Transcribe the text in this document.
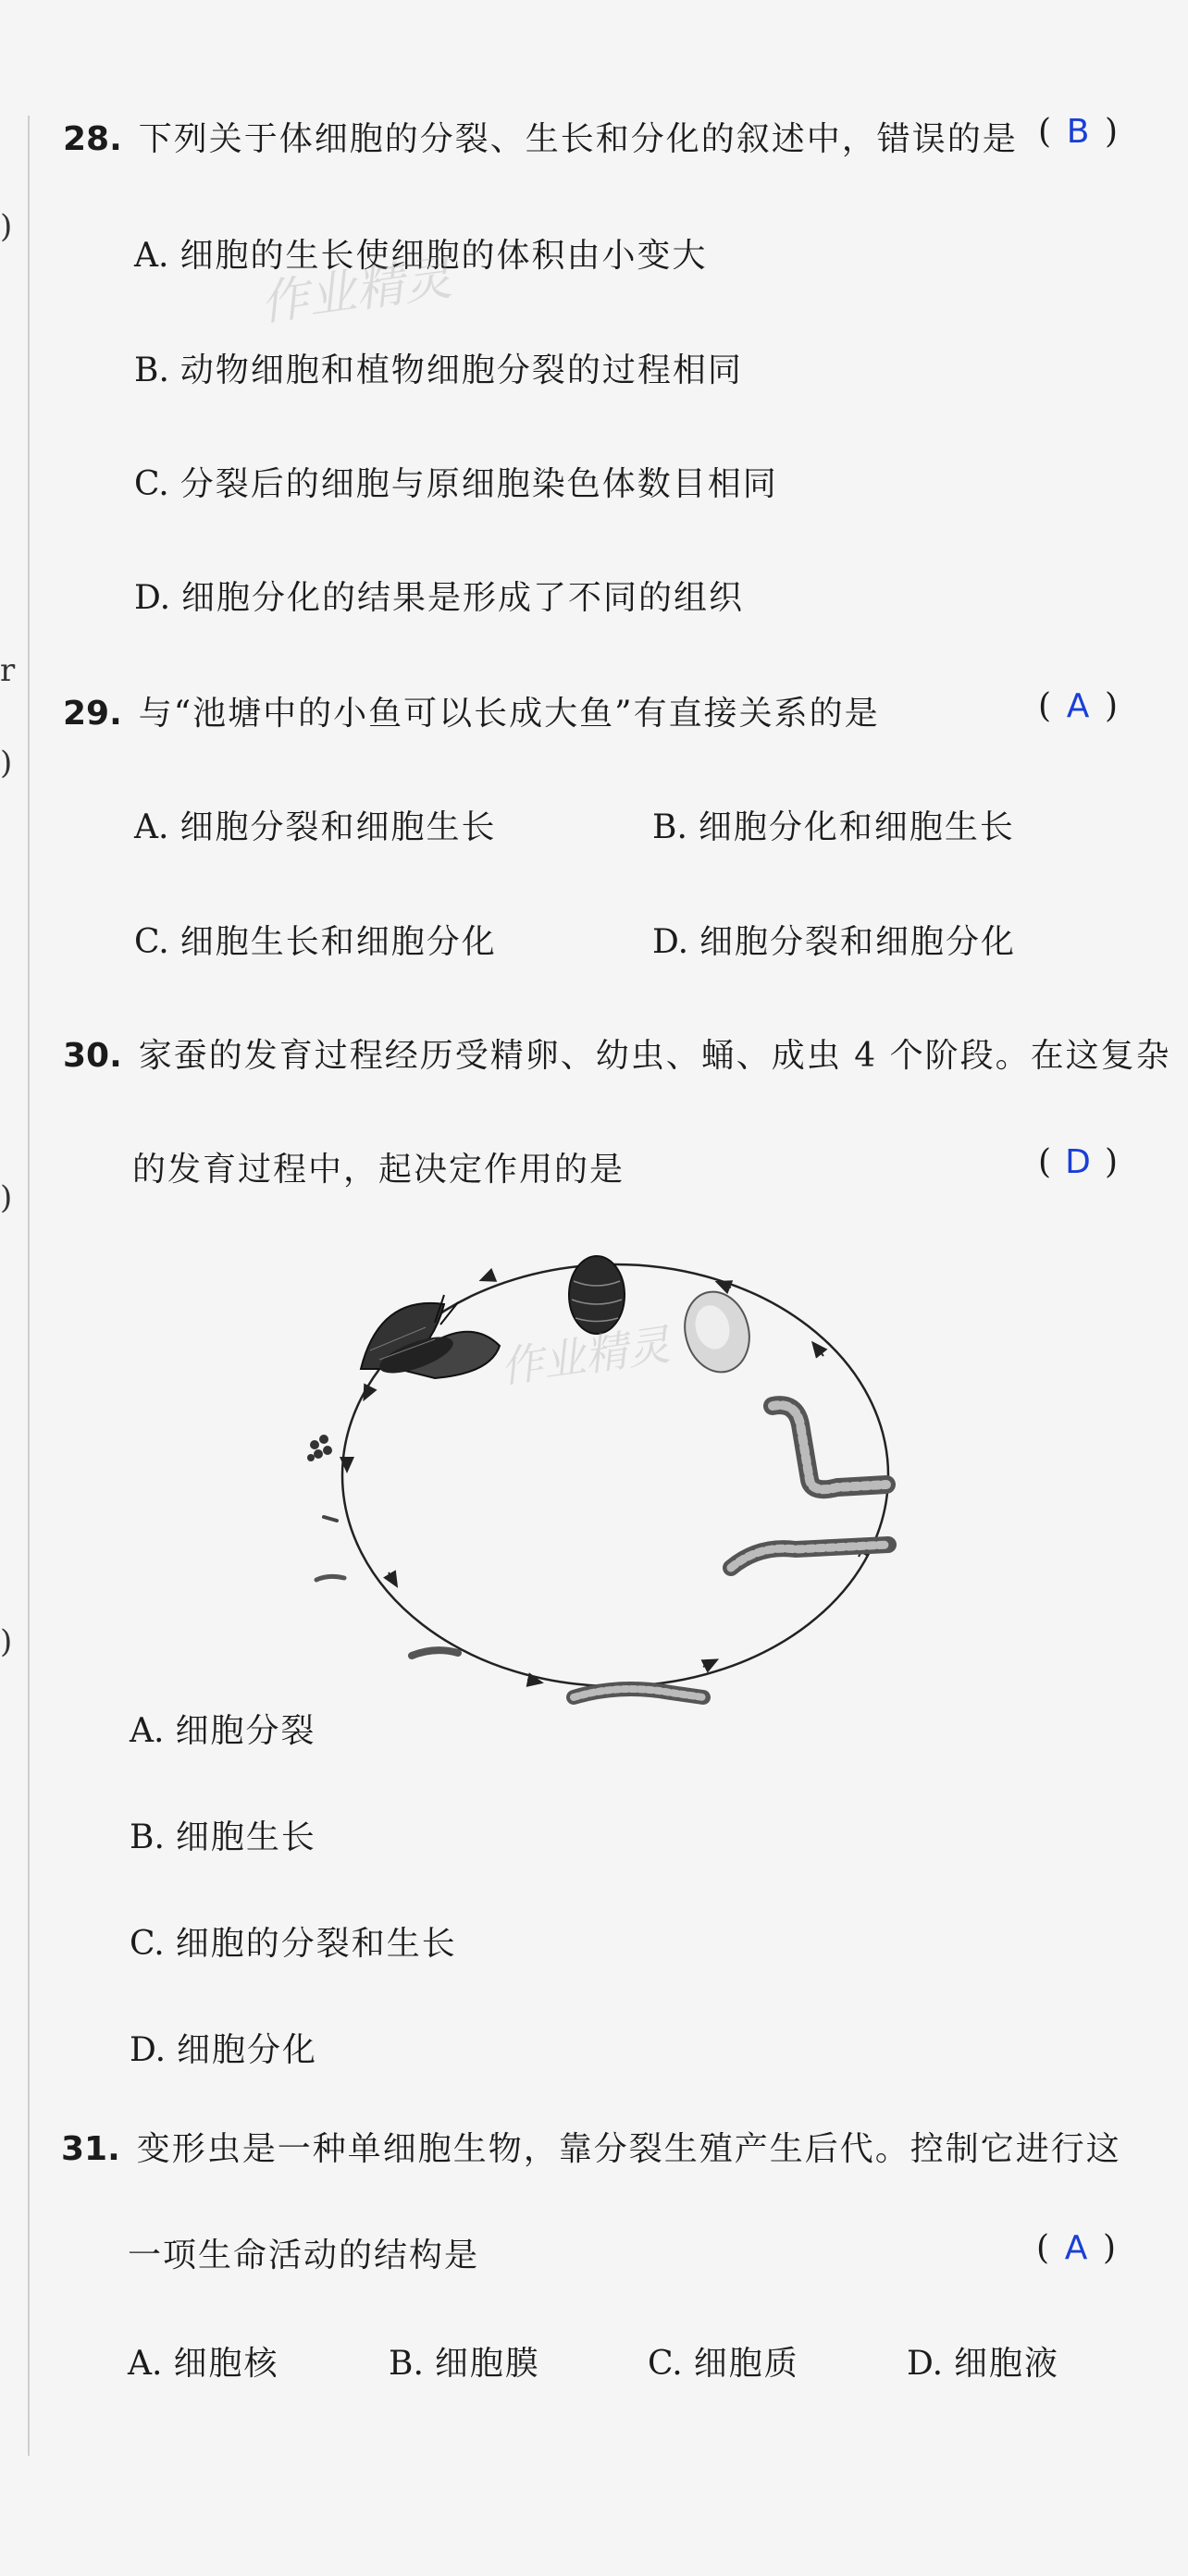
)
r
)
)
)
28. 下列关于体细胞的分裂、生长和分化的叙述中，错误的是 ( B )
A. 细胞的生长使细胞的体积由小变大
作业精灵
B. 动物细胞和植物细胞分裂的过程相同
C. 分裂后的细胞与原细胞染色体数目相同
D. 细胞分化的结果是形成了不同的组织
29. 与“池塘中的小鱼可以长成大鱼”有直接关系的是	( A )
A. 细胞分裂和细胞生长	B. 细胞分化和细胞生长
C. 细胞生长和细胞分化	D. 细胞分裂和细胞分化
30. 家蚕的发育过程经历受精卵、幼虫、蛹、成虫 4 个阶段。在这复杂
的发育过程中，起决定作用的是	( D )
作业精灵
A. 细胞分裂
B. 细胞生长
C. 细胞的分裂和生长
D. 细胞分化
31. 变形虫是一种单细胞生物，靠分裂生殖产生后代。控制它进行这
一项生命活动的结构是	( A )
A. 细胞核	B. 细胞膜	C. 细胞质	D. 细胞液
